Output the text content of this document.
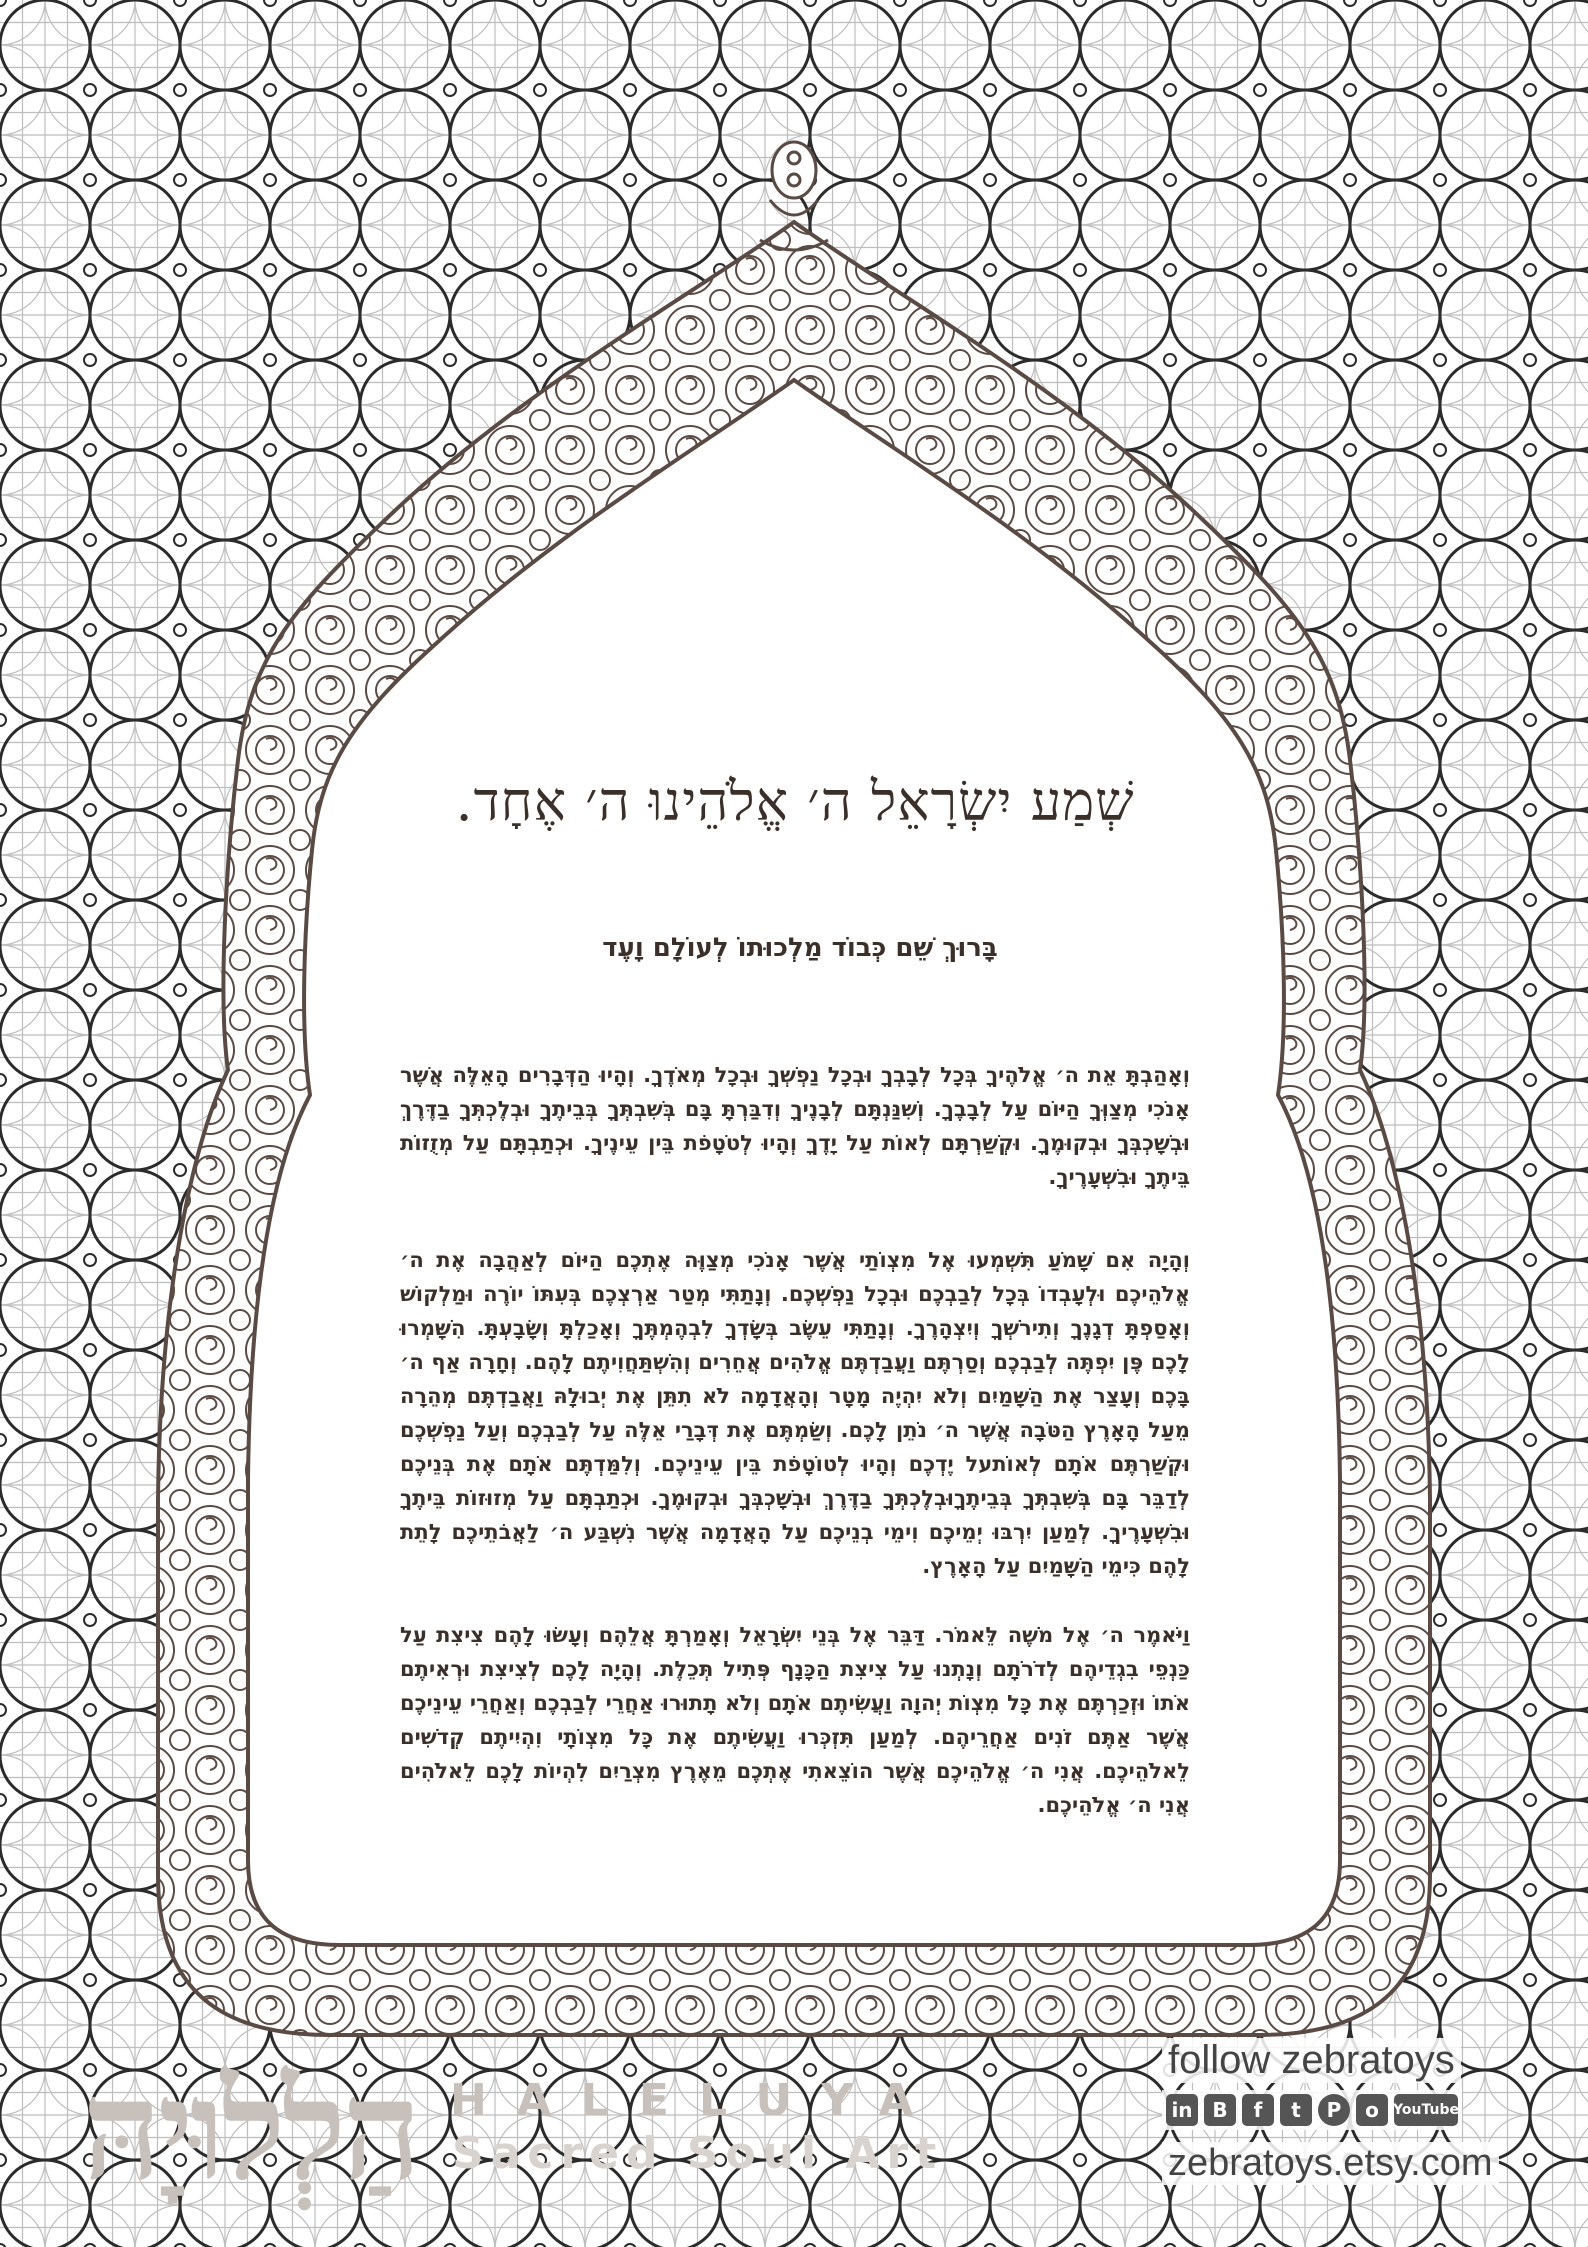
שְׁמַע יִשְׂרָאֵל ה׳ אֱלֹהֵינוּ ה׳ אֶחָד.
בָּרוּךְ שֵׁם כְּבוֹד מַלְכוּתוֹ לְעוֹלָם וָעֶד
וְאָהַבְתָּ אֵת ה׳ אֱלֹהֶיךָ בְּכָל לְבָבְךָ וּבְכָל נַפְשְׁךָ וּבְכָל מְאֹדֶךָ. וְהָיוּ הַדְּבָרִים הָאֵלֶּה אֲשֶׁר אָנֹכִי מְצַוְּךָ הַיּוֹם עַל לְבָבֶךָ. וְשִׁנַּנְתָּם לְבָנֶיךָ וְדִבַּרְתָּ בָּם בְּשִׁבְתְּךָ בְּבֵיתֶךָ וּבְלֶכְתְּךָ בַדֶּרֶךְ וּבְשָׁכְבְּךָ וּבְקוּמֶךָ. וּקְשַׁרְתָּם לְאוֹת עַל יָדֶךָ וְהָיוּ לְטֹטָפֹת בֵּין עֵינֶיךָ. וּכְתַבְתָּם עַל מְזֻזוֹת בֵּיתֶךָ וּבִשְׁעָרֶיךָ.
וְהָיָה אִם שָׁמֹעַ תִּשְׁמְעוּ אֶל מִצְוֹתַי אֲשֶׁר אָנֹכִי מְצַוֶּה אֶתְכֶם הַיּוֹם לְאַהֲבָה אֶת ה׳ אֱלֹהֵיכֶם וּלְעָבְדוֹ בְּכָל לְבַבְכֶם וּבְכָל נַפְשְׁכֶם. וְנָתַתִּי מְטַר אַרְצְכֶם בְּעִתּוֹ יוֹרֶה וּמַלְקוֹשׁ וְאָסַפְתָּ דְגָנֶךָ וְתִירֹשְׁךָ וְיִצְהָרֶךָ. וְנָתַתִּי עֵשֶׂב בְּשָׂדְךָ לִבְהֶמְתֶּךָ וְאָכַלְתָּ וְשָׂבָעְתָּ. הִשָּׁמְרוּ לָכֶם פֶּן יִפְתֶּה לְבַבְכֶם וְסַרְתֶּם וַעֲבַדְתֶּם אֱלֹהִים אֲחֵרִים וְהִשְׁתַּחֲוִיתֶם לָהֶם. וְחָרָה אַף ה׳ בָּכֶם וְעָצַר אֶת הַשָּׁמַיִם וְלֹא יִהְיֶה מָטָר וְהָאֲדָמָה לֹא תִתֵּן אֶת יְבוּלָהּ וַאֲבַדְתֶּם מְהֵרָה מֵעַל הָאָרֶץ הַטֹּבָה אֲשֶׁר ה׳ נֹתֵן לָכֶם. וְשַׂמְתֶּם אֶת דְּבָרַי אֵלֶּה עַל לְבַבְכֶם וְעַל נַפְשְׁכֶם וּקְשַׁרְתֶּם אֹתָם לְאוֹתעל יֶדְכֶם וְהָיוּ לְטוֹטָפֹת בֵּין עֵינֵיכֶם. וְלִמַּדְתֶּם אֹתָם אֶת בְּנֵיכֶם לְדַבֵּר בָּם בְּשִׁבְתְּךָ בְּבֵיתֶךָוּבְלֶכְתְּךָ בַדֶּרֶךְ וּבְשָׁכְבְּךָ וּבְקוּמֶךָ. וּכְתַבְתָּם עַל מְזוּזוֹת בֵּיתֶךָ וּבִשְׁעָרֶיךָ. לְמַעַן יִרְבּוּ יְמֵיכֶם וִימֵי בְנֵיכֶם עַל הָאֲדָמָה אֲשֶׁר נִשְׁבַּע ה׳ לַאֲבֹתֵיכֶם לָתֵת לָהֶם כִּימֵי הַשָּׁמַיִם עַל הָאָרֶץ.
וַיֹּאמֶר ה׳ אֶל מֹשֶׁה לֵּאמֹר. דַּבֵּר אֶל בְּנֵי יִשְׂרָאֵל וְאָמַרְתָּ אֲלֵהֶם וְעָשׂוּ לָהֶם צִיצִת עַל כַּנְפֵי בִגְדֵיהֶם לְדֹרֹתָם וְנָתְנוּ עַל צִיצִת הַכָּנָף פְּתִיל תְּכֵלֶת. וְהָיָה לָכֶם לְצִיצִת וּרְאִיתֶם אֹתוֹ וּזְכַרְתֶּם אֶת כָּל מִצְוֹת יְהוָה וַעֲשִׂיתֶם אֹתָם וְלֹא תָתוּרוּ אַחֲרֵי לְבַבְכֶם וְאַחֲרֵי עֵינֵיכֶם אֲשֶׁר אַתֶּם זֹנִים אַחֲרֵיהֶם. לְמַעַן תִּזְכְּרוּ וַעֲשִׂיתֶם אֶת כָּל מִצְוֹתָי וִהְיִיתֶם קְדֹשִׁים לֵאלֹהֵיכֶם. אֲנִי ה׳ אֱלֹהֵיכֶם אֲשֶׁר הוֹצֵאתִי אֶתְכֶם מֵאֶרֶץ מִצְרַיִם לִהְיוֹת לָכֶם לֵאלֹהִים אֲנִי ה׳ אֱלֹהֵיכֶם.
הַלְלוּיָהּ HALELUYA
Sacred Soul Art
follow zebratoys
in B	f	t	P	o	YouTube
zebratoys.etsy.com
